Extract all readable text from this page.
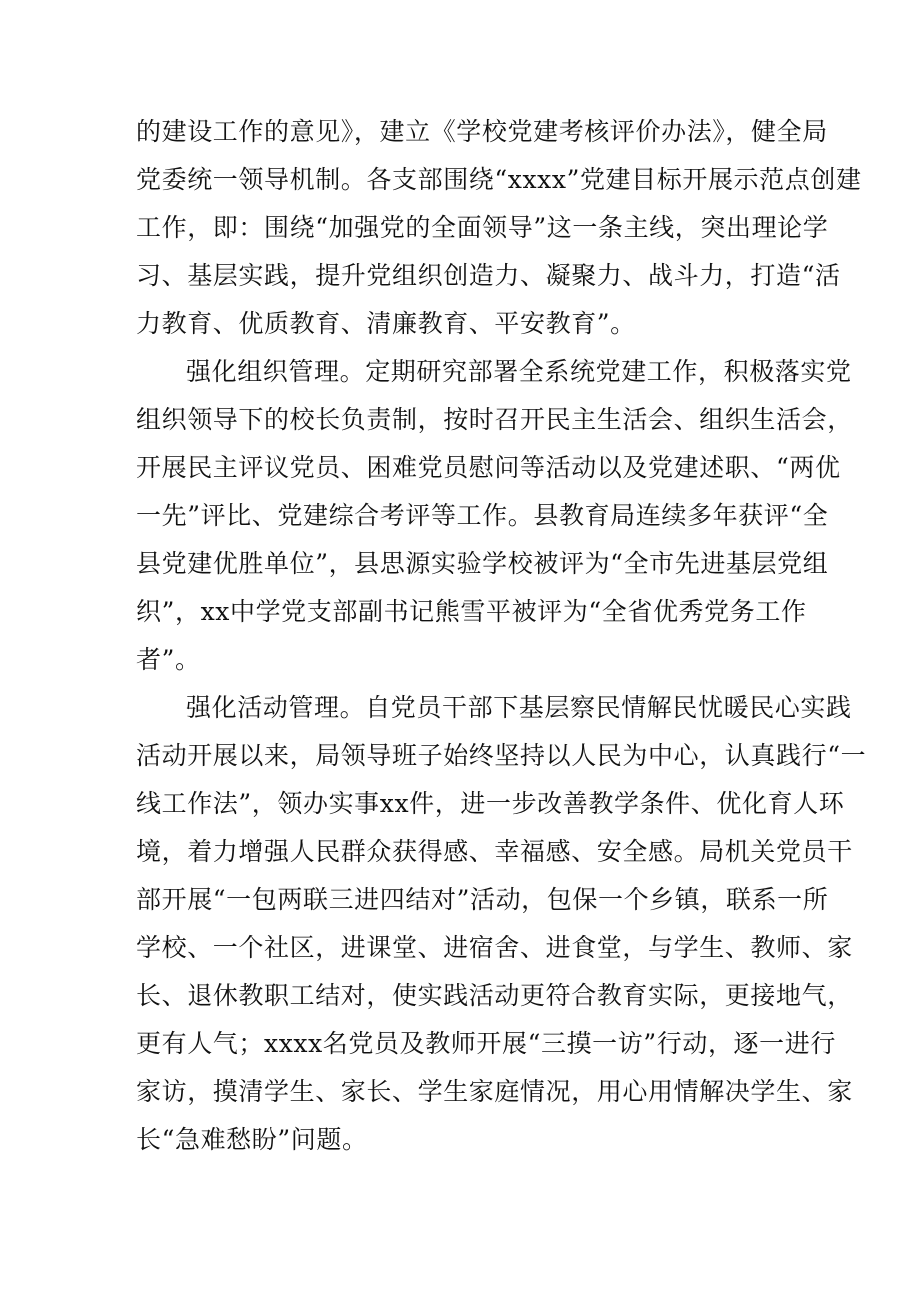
的建设工作的意见》，建立《学校党建考核评价办法》，健全局
党委统一领导机制。各支部围绕“xxxx”党建目标开展示范点创建
工作，即：围绕“加强党的全面领导”这一条主线，突出理论学
习、基层实践，提升党组织创造力、凝聚力、战斗力，打造“活
力教育、优质教育、清廉教育、平安教育”。
强化组织管理。定期研究部署全系统党建工作，积极落实党
组织领导下的校长负责制，按时召开民主生活会、组织生活会，
开展民主评议党员、困难党员慰问等活动以及党建述职、“两优
一先”评比、党建综合考评等工作。县教育局连续多年获评“全
县党建优胜单位”，县思源实验学校被评为“全市先进基层党组
织”，xx中学党支部副书记熊雪平被评为“全省优秀党务工作
者”。
强化活动管理。自党员干部下基层察民情解民忧暖民心实践
活动开展以来，局领导班子始终坚持以人民为中心，认真践行“一
线工作法”，领办实事xx件，进一步改善教学条件、优化育人环
境，着力增强人民群众获得感、幸福感、安全感。局机关党员干
部开展“一包两联三进四结对”活动，包保一个乡镇，联系一所
学校、一个社区，进课堂、进宿舍、进食堂，与学生、教师、家
长、退休教职工结对，使实践活动更符合教育实际，更接地气，
更有人气；xxxx名党员及教师开展“三摸一访”行动，逐一进行
家访，摸清学生、家长、学生家庭情况，用心用情解决学生、家
长“急难愁盼”问题。
